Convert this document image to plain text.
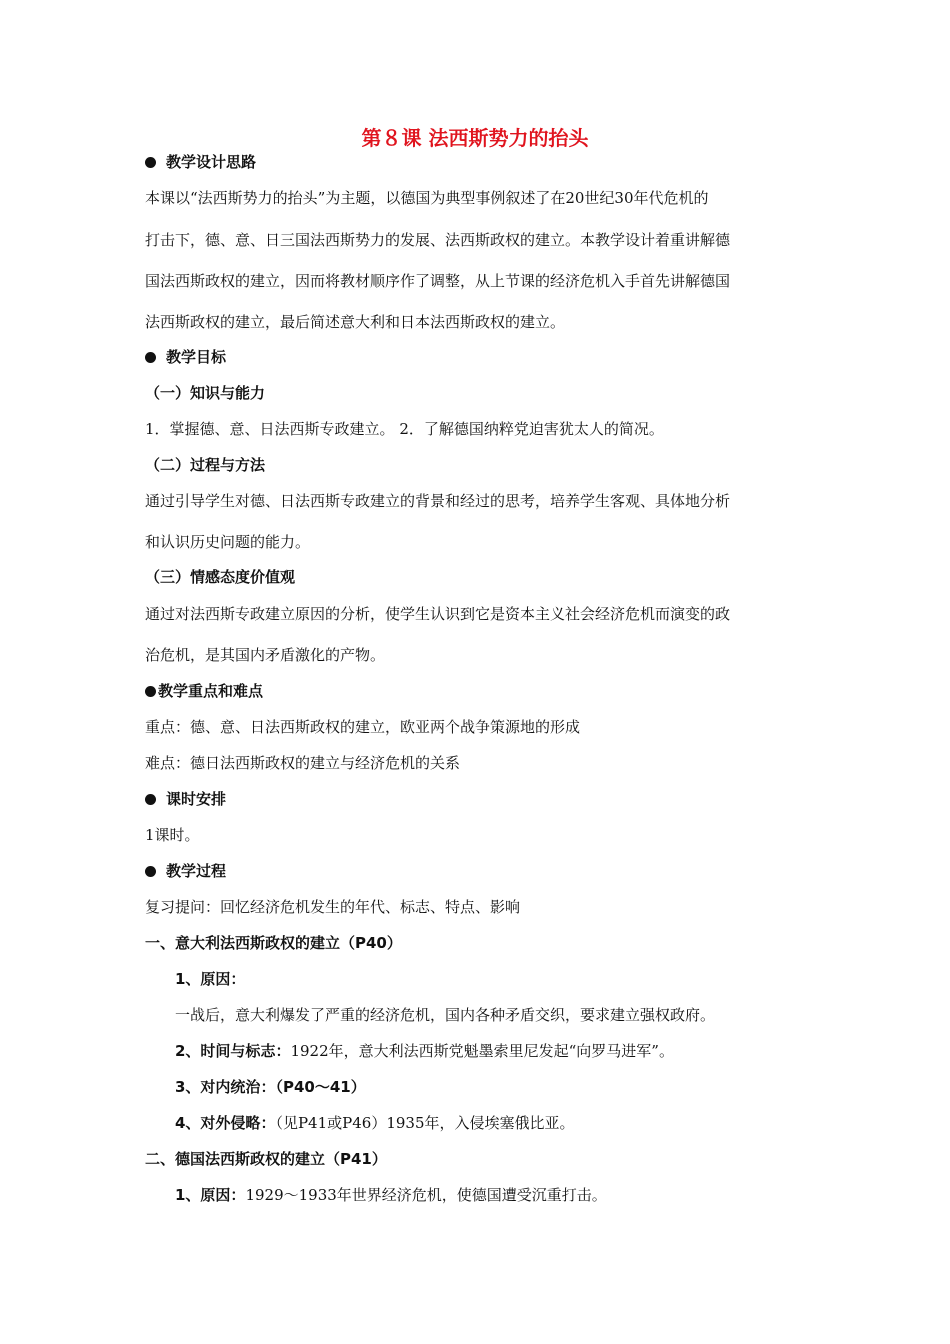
第８课 法西斯势力的抬头
教学设计思路
本课以“法西斯势力的抬头”为主题，以德国为典型事例叙述了在20世纪30年代危机的
打击下，德、意、日三国法西斯势力的发展、法西斯政权的建立。本教学设计着重讲解德
国法西斯政权的建立，因而将教材顺序作了调整，从上节课的经济危机入手首先讲解德国
法西斯政权的建立，最后简述意大利和日本法西斯政权的建立。
教学目标
（一）知识与能力
1．掌握德、意、日法西斯专政建立。 2．了解德国纳粹党迫害犹太人的简况。
（二）过程与方法
通过引导学生对德、日法西斯专政建立的背景和经过的思考，培养学生客观、具体地分析
和认识历史问题的能力。
（三）情感态度价值观
通过对法西斯专政建立原因的分析，使学生认识到它是资本主义社会经济危机而演变的政
治危机，是其国内矛盾激化的产物。
教学重点和难点
重点：德、意、日法西斯政权的建立，欧亚两个战争策源地的形成
难点：德日法西斯政权的建立与经济危机的关系
课时安排
1课时。
教学过程
复习提问：回忆经济危机发生的年代、标志、特点、影响
一、意大利法西斯政权的建立（P40）
1、原因：
一战后，意大利爆发了严重的经济危机，国内各种矛盾交织，要求建立强权政府。
2、时间与标志：1922年，意大利法西斯党魁墨索里尼发起“向罗马进军”。
3、对内统治：（P40～41）
4、对外侵略：（见P41或P46）1935年，入侵埃塞俄比亚。
二、德国法西斯政权的建立（P41）
1、原因：1929～1933年世界经济危机，使德国遭受沉重打击。
